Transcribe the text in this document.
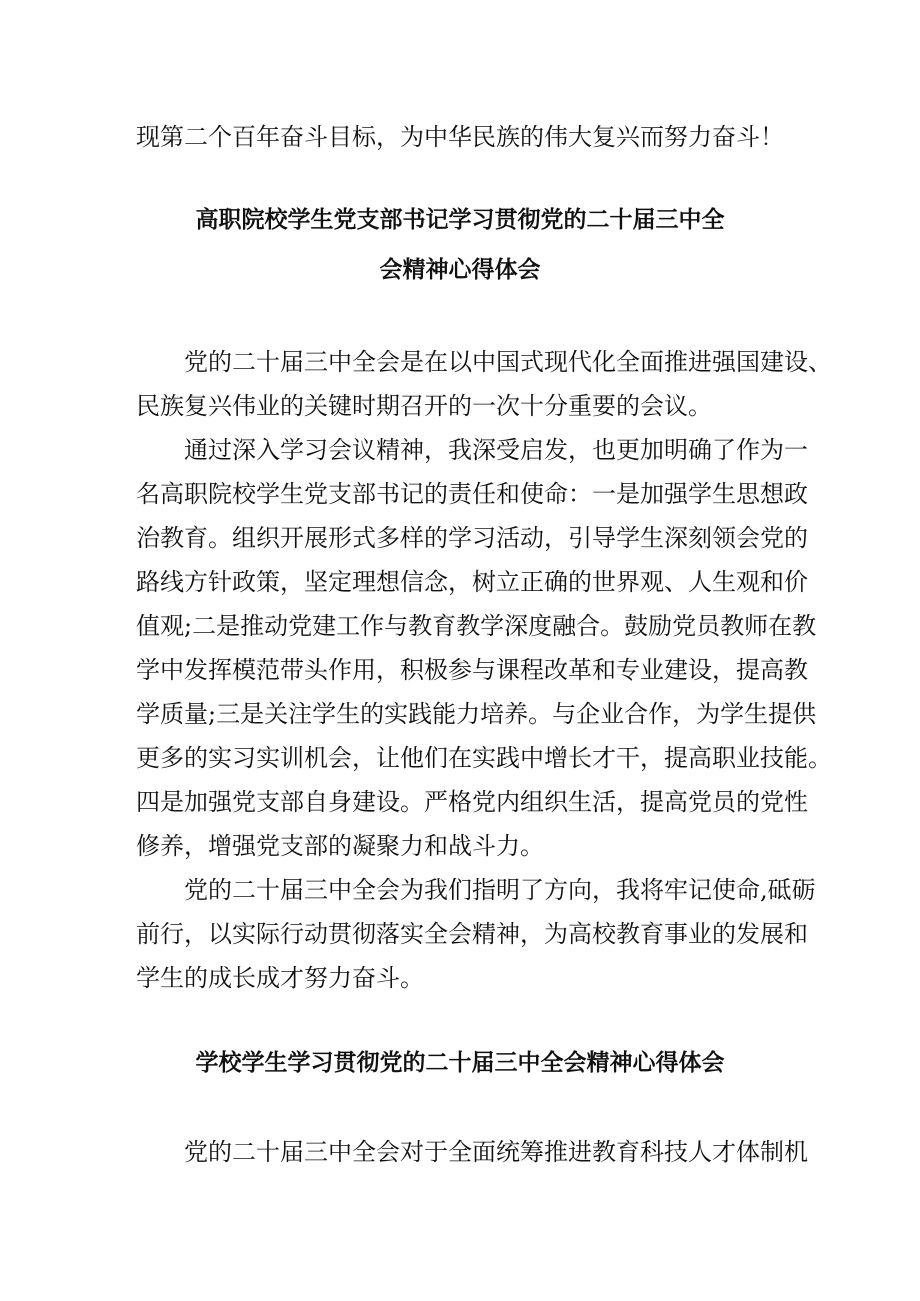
现第二个百年奋斗目标，为中华民族的伟大复兴而努力奋斗！
高职院校学生党支部书记学习贯彻党的二十届三中全
会精神心得体会
党的二十届三中全会是在以中国式现代化全面推进强国建设、
民族复兴伟业的关键时期召开的一次十分重要的会议。
通过深入学习会议精神，我深受启发，也更加明确了作为一
名高职院校学生党支部书记的责任和使命：一是加强学生思想政
治教育。组织开展形式多样的学习活动，引导学生深刻领会党的
路线方针政策，坚定理想信念，树立正确的世界观、人生观和价
值观;二是推动党建工作与教育教学深度融合。鼓励党员教师在教
学中发挥模范带头作用，积极参与课程改革和专业建设，提高教
学质量;三是关注学生的实践能力培养。与企业合作，为学生提供
更多的实习实训机会，让他们在实践中增长才干，提高职业技能。
四是加强党支部自身建设。严格党内组织生活，提高党员的党性
修养，增强党支部的凝聚力和战斗力。
党的二十届三中全会为我们指明了方向，我将牢记使命,砥砺
前行，以实际行动贯彻落实全会精神，为高校教育事业的发展和
学生的成长成才努力奋斗。
学校学生学习贯彻党的二十届三中全会精神心得体会
党的二十届三中全会对于全面统筹推进教育科技人才体制机
